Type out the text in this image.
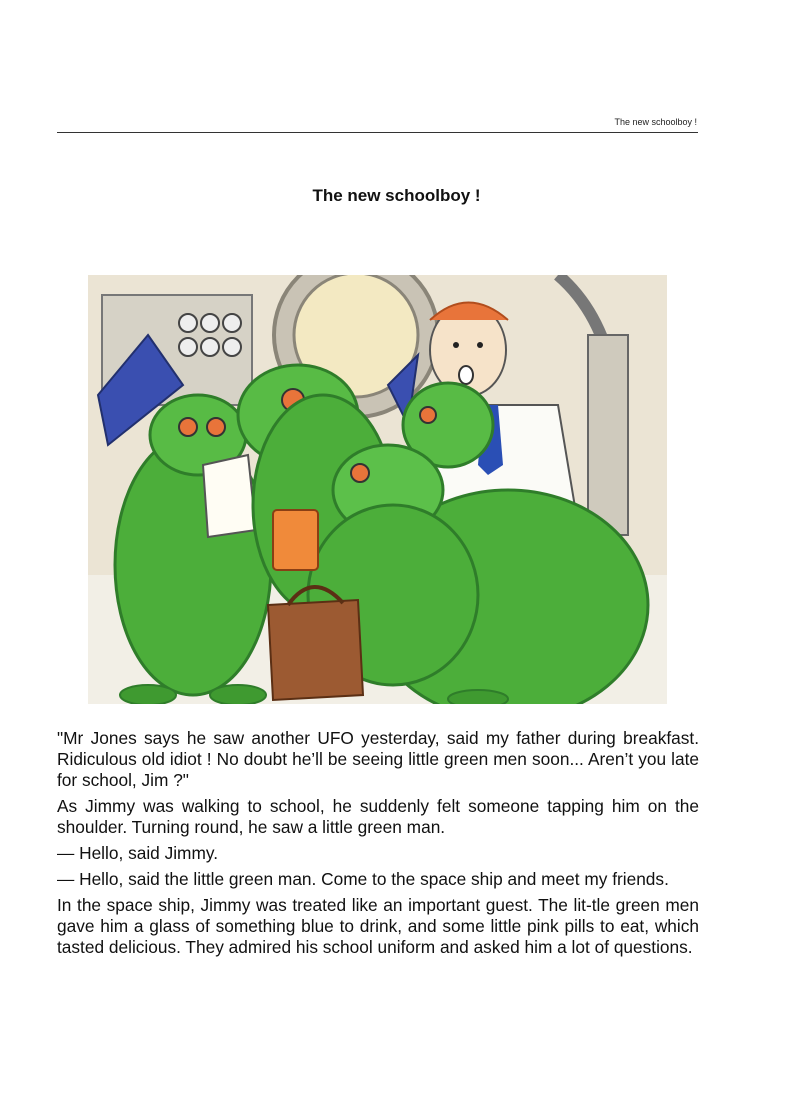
The new schoolboy !
The new schoolboy !

"Mr Jones says he saw another UFO yesterday, said my father during breakfast. Ridiculous old idiot ! No doubt he’ll be seeing little green men soon... Aren’t you late for school, Jim ?"

As Jimmy was walking to school, he suddenly felt someone tapping him on the shoulder. Turning round, he saw a little green man.

— Hello, said Jimmy.

— Hello, said the little green man. Come to the space ship and meet my friends.

In the space ship, Jimmy was treated like an important guest. The lit-tle green men gave him a glass of something blue to drink, and some little pink pills to eat, which tasted delicious. They admired his school uniform and asked him a lot of questions.
